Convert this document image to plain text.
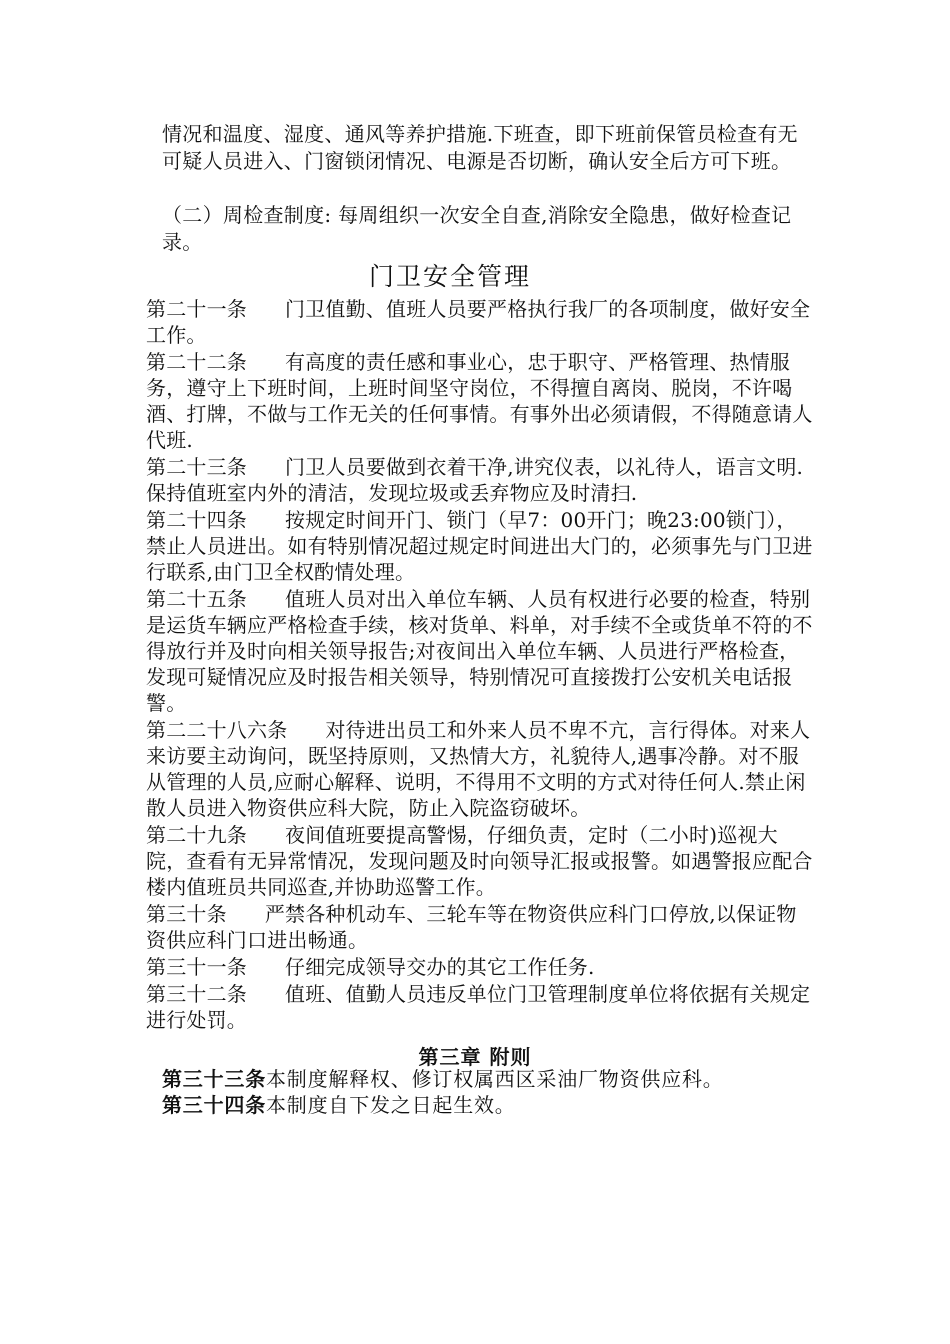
情况和温度、湿度、通风等养护措施.下班查，即下班前保管员检查有无可疑人员进入、门窗锁闭情况、电源是否切断，确认安全后方可下班。
（二）周检查制度: 每周组织一次安全自查,消除安全隐患，做好检查记录。
门卫安全管理

第二十一条 门卫值勤、值班人员要严格执行我厂的各项制度，做好安全工作。

第二十二条 有高度的责任感和事业心，忠于职守、严格管理、热情服务，遵守上下班时间，上班时间坚守岗位，不得擅自离岗、脱岗，不许喝酒、打牌，不做与工作无关的任何事情。有事外出必须请假，不得随意请人代班.

第二十三条 门卫人员要做到衣着干净,讲究仪表，以礼待人，语言文明.保持值班室内外的清洁，发现垃圾或丢弃物应及时清扫.

第二十四条 按规定时间开门、锁门（早7：00开门；晚23:00锁门），禁止人员进出。如有特别情况超过规定时间进出大门的，必须事先与门卫进行联系,由门卫全权酌情处理。

第二十五条 值班人员对出入单位车辆、人员有权进行必要的检查，特别是运货车辆应严格检查手续，核对货单、料单，对手续不全或货单不符的不得放行并及时向相关领导报告;对夜间出入单位车辆、人员进行严格检查，发现可疑情况应及时报告相关领导，特别情况可直接拨打公安机关电话报警。

第二二十八六条 对待进出员工和外来人员不卑不亢，言行得体。对来人来访要主动询问，既坚持原则，又热情大方，礼貌待人,遇事冷静。对不服从管理的人员,应耐心解释、说明，不得用不文明的方式对待任何人.禁止闲散人员进入物资供应科大院，防止入院盗窃破坏。

第二十九条 夜间值班要提高警惕，仔细负责，定时（二小时)巡视大院，查看有无异常情况，发现问题及时向领导汇报或报警。如遇警报应配合楼内值班员共同巡查,并协助巡警工作。

第三十条 严禁各种机动车、三轮车等在物资供应科门口停放,以保证物资供应科门口进出畅通。

第三十一条 仔细完成领导交办的其它工作任务.

第三十二条 值班、值勤人员违反单位门卫管理制度单位将依据有关规定进行处罚。

第三章 附则
第三十三条本制度解释权、修订权属西区采油厂物资供应科。
第三十四条本制度自下发之日起生效。
